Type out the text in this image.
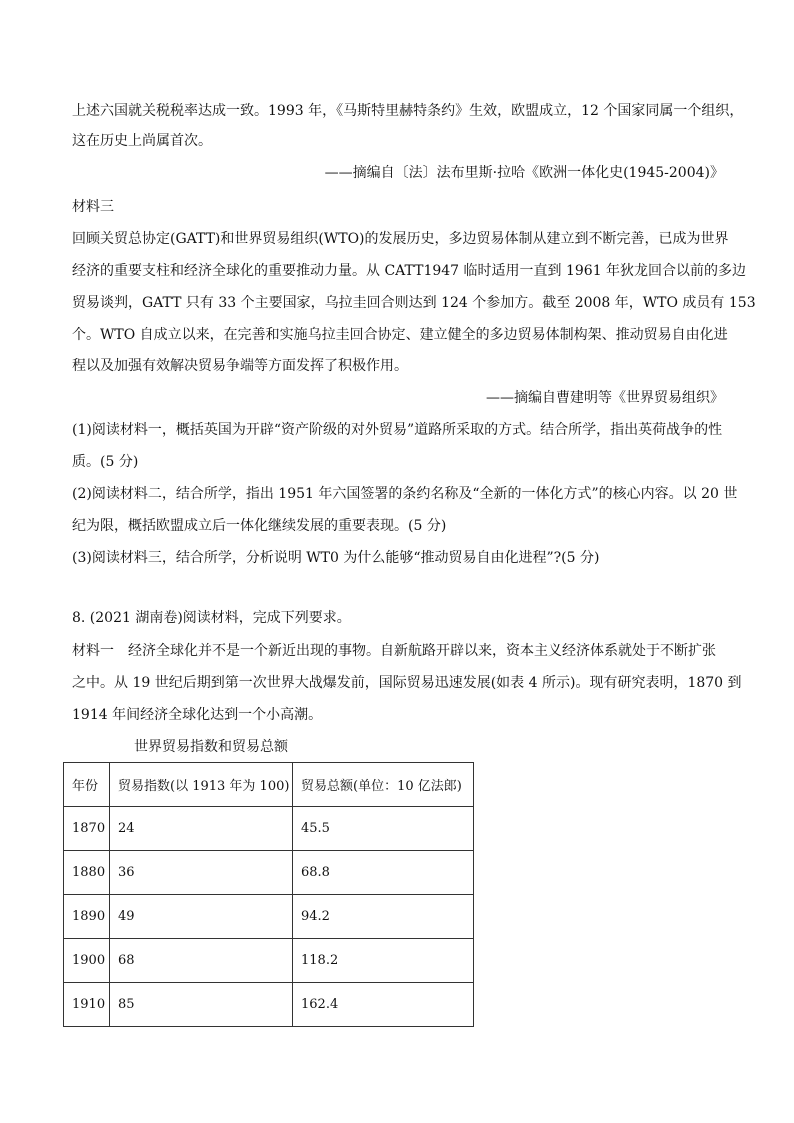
上述六国就关税税率达成一致。1993 年，《马斯特里赫特条约》生效，欧盟成立，12 个国家同属一个组织，
这在历史上尚属首次。
——摘编自〔法〕法布里斯·拉哈《欧洲一体化史(1945-2004)》
材料三
回顾关贸总协定(GATT)和世界贸易组织(WTO)的发展历史，多边贸易体制从建立到不断完善，已成为世界
经济的重要支柱和经济全球化的重要推动力量。从 CATT1947 临时适用一直到 1961 年狄龙回合以前的多边
贸易谈判，GATT 只有 33 个主要国家，乌拉圭回合则达到 124 个参加方。截至 2008 年，WTO 成员有 153
个。WTO 自成立以来，在完善和实施乌拉圭回合协定、建立健全的多边贸易体制构架、推动贸易自由化进
程以及加强有效解决贸易争端等方面发挥了积极作用。
——摘编自曹建明等《世界贸易组织》
(1)阅读材料一，概括英国为开辟“资产阶级的对外贸易”道路所采取的方式。结合所学，指出英荷战争的性
质。(5 分)
(2)阅读材料二，结合所学，指出 1951 年六国签署的条约名称及“全新的一体化方式”的核心内容。以 20 世
纪为限，概括欧盟成立后一体化继续发展的重要表现。(5 分)
(3)阅读材料三，结合所学，分析说明 WT0 为什么能够“推动贸易自由化进程”?(5 分)
8. (2021 湖南卷)阅读材料，完成下列要求。
材料一　经济全球化并不是一个新近出现的事物。自新航路开辟以来，资本主义经济体系就处于不断扩张
之中。从 19 世纪后期到第一次世界大战爆发前，国际贸易迅速发展(如表 4 所示)。现有研究表明，1870 到
1914 年间经济全球化达到一个小高潮。
世界贸易指数和贸易总额
年份	贸易指数(以 1913 年为 100)	贸易总额(单位：10 亿法郎)
1870	24	45.5
1880	36	68.8
1890	49	94.2
1900	68	118.2
1910	85	162.4
